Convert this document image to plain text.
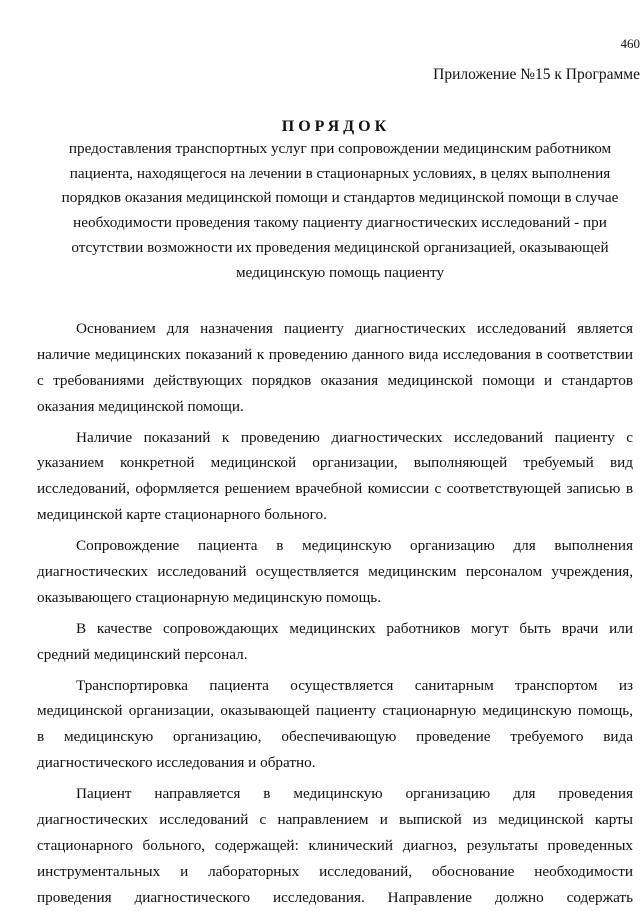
460
Приложение №15 к Программе
ПОРЯДОК
предоставления транспортных услуг при сопровождении медицинским работником
пациента, находящегося на лечении в стационарных условиях, в целях выполнения
порядков оказания медицинской помощи и стандартов медицинской помощи в случае
необходимости проведения такому пациенту диагностических исследований - при
отсутствии возможности их проведения медицинской организацией, оказывающей
медицинскую помощь пациенту
Основанием для назначения пациенту диагностических исследований является
наличие медицинских показаний к проведению данного вида исследования в соответствии
с требованиями действующих порядков оказания медицинской помощи и стандартов
оказания медицинской помощи.
Наличие показаний к проведению диагностических исследований пациенту с
указанием конкретной медицинской организации, выполняющей требуемый вид
исследований, оформляется решением врачебной комиссии с соответствующей записью в
медицинской карте стационарного больного.
Сопровождение пациента в медицинскую организацию для выполнения
диагностических исследований осуществляется медицинским персоналом учреждения,
оказывающего стационарную медицинскую помощь.
В качестве сопровождающих медицинских работников могут быть врачи или
средний медицинский персонал.
Транспортировка пациента осуществляется санитарным транспортом из
медицинской организации, оказывающей пациенту стационарную медицинскую помощь,
в медицинскую организацию, обеспечивающую проведение требуемого вида
диагностического исследования и обратно.
Пациент направляется в медицинскую организацию для проведения
диагностических исследований с направлением и выпиской из медицинской карты
стационарного больного, содержащей: клинический диагноз, результаты проведенных
инструментальных и лабораторных исследований, обоснование необходимости
проведения диагностического исследования. Направление должно содержать
